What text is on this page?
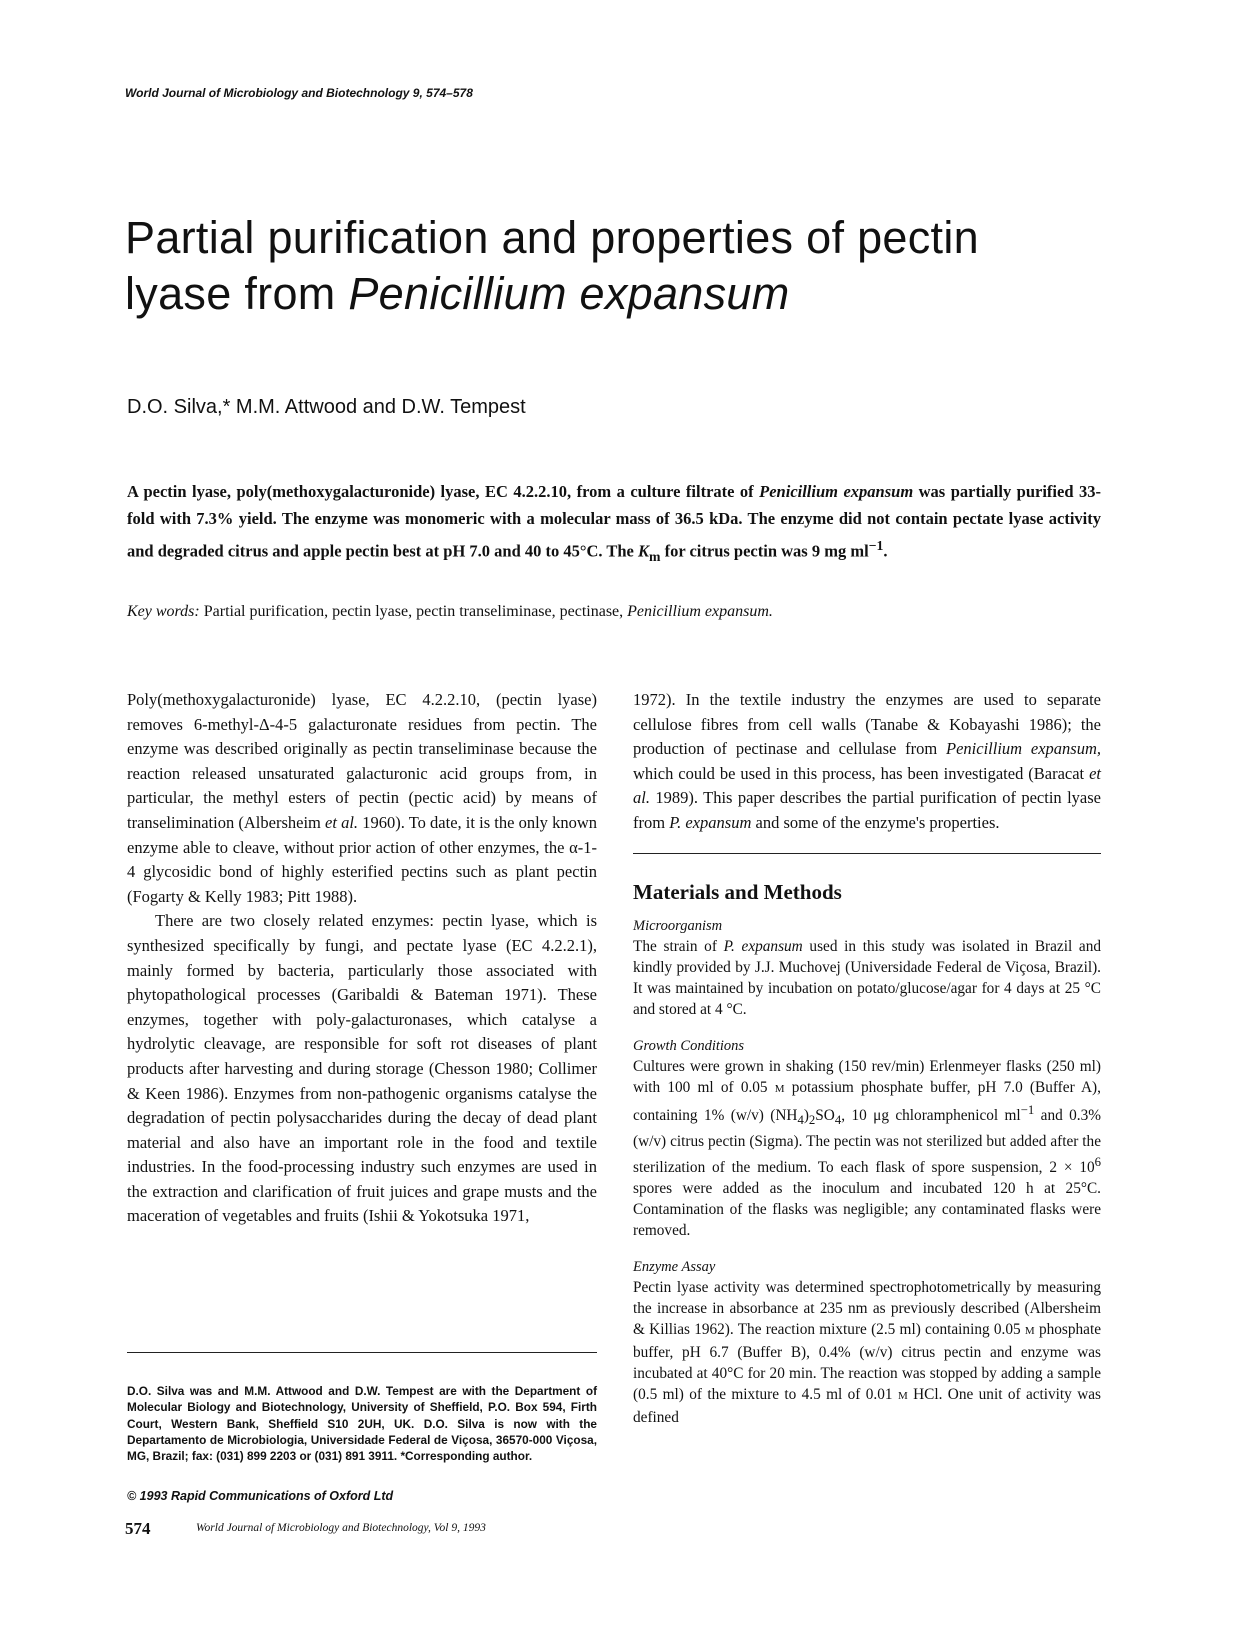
World Journal of Microbiology and Biotechnology 9, 574–578
Partial purification and properties of pectin
lyase from Penicillium expansum
D.O. Silva,* M.M. Attwood and D.W. Tempest
A pectin lyase, poly(methoxygalacturonide) lyase, EC 4.2.2.10, from a culture filtrate of Penicillium expansum was partially purified 33-fold with 7.3% yield. The enzyme was monomeric with a molecular mass of 36.5 kDa. The enzyme did not contain pectate lyase activity and degraded citrus and apple pectin best at pH 7.0 and 40 to 45°C. The $K_m$ for citrus pectin was 9 mg $ml^{-1}$.
Key words: Partial purification, pectin lyase, pectin transeliminase, pectinase, Penicillium expansum.

Poly(methoxygalacturonide) lyase, EC 4.2.2.10, (pectin lyase) removes 6-methyl-Δ-4-5 galacturonate residues from pectin. The enzyme was described originally as pectin transeliminase because the reaction released unsaturated galacturonic acid groups from, in particular, the methyl esters of pectin (pectic acid) by means of transelimination (Albersheim et al. 1960). To date, it is the only known enzyme able to cleave, without prior action of other enzymes, the α-1-4 glycosidic bond of highly esterified pectins such as plant pectin (Fogarty & Kelly 1983; Pitt 1988).

There are two closely related enzymes: pectin lyase, which is synthesized specifically by fungi, and pectate lyase (EC 4.2.2.1), mainly formed by bacteria, particularly those associated with phytopathological processes (Garibaldi & Bateman 1971). These enzymes, together with poly-galacturonases, which catalyse a hydrolytic cleavage, are responsible for soft rot diseases of plant products after harvesting and during storage (Chesson 1980; Collimer & Keen 1986). Enzymes from non-pathogenic organisms catalyse the degradation of pectin polysaccharides during the decay of dead plant material and also have an important role in the food and textile industries. In the food-processing industry such enzymes are used in the extraction and clarification of fruit juices and grape musts and the maceration of vegetables and fruits (Ishii & Yokotsuka 1971,

1972). In the textile industry the enzymes are used to separate cellulose fibres from cell walls (Tanabe & Kobayashi 1986); the production of pectinase and cellulase from Penicillium expansum, which could be used in this process, has been investigated (Baracat et al. 1989). This paper describes the partial purification of pectin lyase from P. expansum and some of the enzyme's properties.

Materials and Methods

Microorganism

The strain of P. expansum used in this study was isolated in Brazil and kindly provided by J.J. Muchovej (Universidade Federal de Viçosa, Brazil). It was maintained by incubation on potato/glucose/agar for 4 days at 25 °C and stored at 4 °C.

Growth Conditions

Cultures were grown in shaking (150 rev/min) Erlenmeyer flasks (250 ml) with 100 ml of 0.05 M potassium phosphate buffer, pH 7.0 (Buffer A), containing 1% (w/v) $(NH_4)_2SO_4$, 10 μg chloramphenicol $ml^{-1}$ and 0.3% (w/v) citrus pectin (Sigma). The pectin was not sterilized but added after the sterilization of the medium. To each flask of spore suspension, $2 \times 10^6$ spores were added as the inoculum and incubated 120 h at 25°C. Contamination of the flasks was negligible; any contaminated flasks were removed.

Enzyme Assay

Pectin lyase activity was determined spectrophotometrically by measuring the increase in absorbance at 235 nm as previously described (Albersheim & Killias 1962). The reaction mixture (2.5 ml) containing 0.05 M phosphate buffer, pH 6.7 (Buffer B), 0.4% (w/v) citrus pectin and enzyme was incubated at 40°C for 20 min. The reaction was stopped by adding a sample (0.5 ml) of the mixture to 4.5 ml of 0.01 M HCl. One unit of activity was defined

D.O. Silva was and M.M. Attwood and D.W. Tempest are with the Department of Molecular Biology and Biotechnology, University of Sheffield, P.O. Box 594, Firth Court, Western Bank, Sheffield S10 2UH, UK. D.O. Silva is now with the Departamento de Microbiologia, Universidade Federal de Viçosa, 36570-000 Viçosa, MG, Brazil; fax: (031) 899 2203 or (031) 891 3911. *Corresponding author.
© 1993 Rapid Communications of Oxford Ltd
574	World Journal of Microbiology and Biotechnology, Vol 9, 1993
